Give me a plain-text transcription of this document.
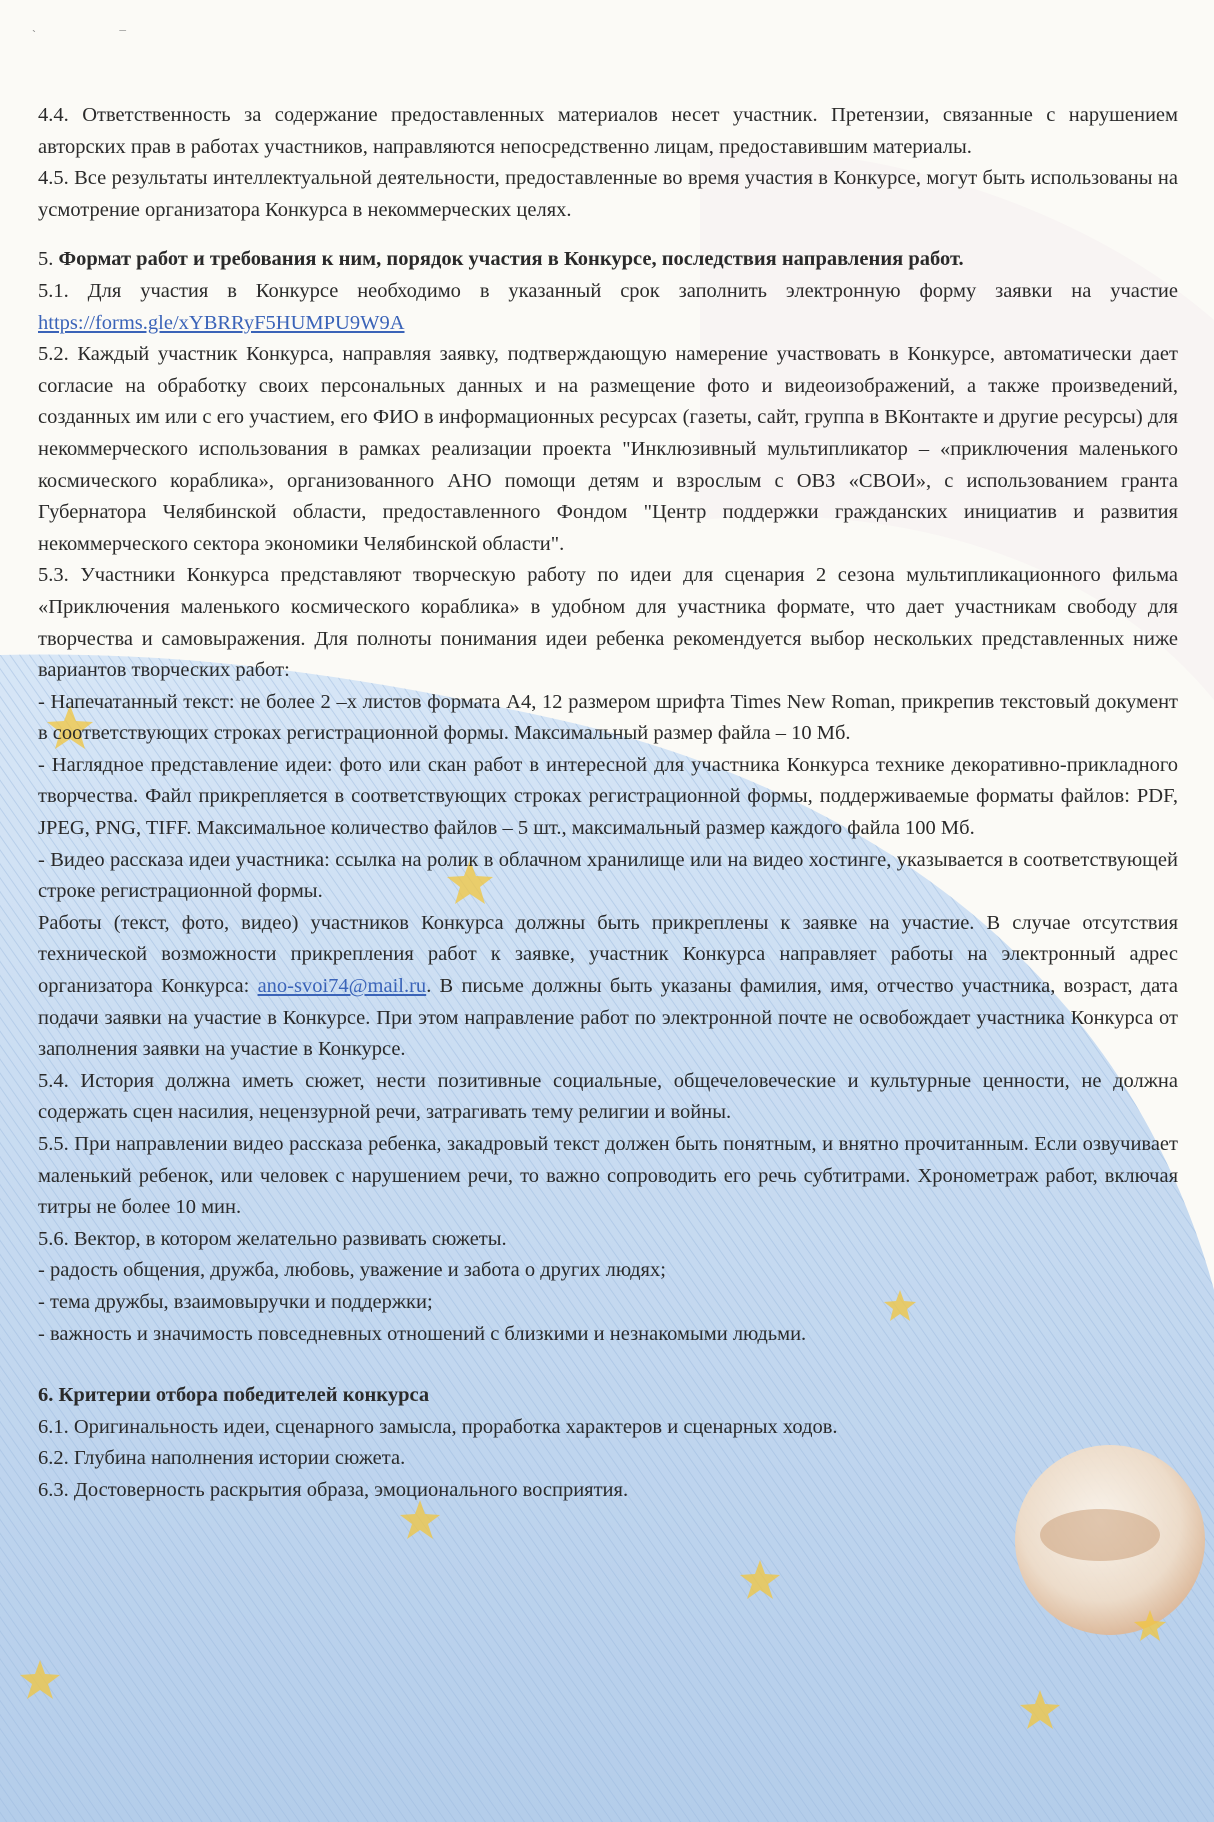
` ¯

4.4. Ответственность за содержание предоставленных материалов несет участник. Претензии, связанные с нарушением авторских прав в работах участников, направляются непосредственно лицам, предоставившим материалы.

4.5. Все результаты интеллектуальной деятельности, предоставленные во время участия в Конкурсе, могут быть использованы на усмотрение организатора Конкурса в некоммерческих целях.

5. Формат работ и требования к ним, порядок участия в Конкурсе, последствия направления работ.

5.1. Для участия в Конкурсе необходимо в указанный срок заполнить электронную форму заявки на участие https://forms.gle/xYBRRyF5HUMPU9W9A

5.2. Каждый участник Конкурса, направляя заявку, подтверждающую намерение участвовать в Конкурсе, автоматически дает согласие на обработку своих персональных данных и на размещение фото и видеоизображений, а также произведений, созданных им или с его участием, его ФИО в информационных ресурсах (газеты, сайт, группа в ВКонтакте и другие ресурсы) для некоммерческого использования в рамках реализации проекта "Инклюзивный мультипликатор – «приключения маленького космического кораблика», организованного АНО помощи детям и взрослым с ОВЗ «СВОИ», с использованием гранта Губернатора Челябинской области, предоставленного Фондом "Центр поддержки гражданских инициатив и развития некоммерческого сектора экономики Челябинской области".

5.3. Участники Конкурса представляют творческую работу по идеи для сценария 2 сезона мультипликационного фильма «Приключения маленького космического кораблика» в удобном для участника формате, что дает участникам свободу для творчества и самовыражения. Для полноты понимания идеи ребенка рекомендуется выбор нескольких представленных ниже вариантов творческих работ:

- Напечатанный текст: не более 2 –х листов формата А4, 12 размером шрифта Times New Roman, прикрепив текстовый документ в соответствующих строках регистрационной формы. Максимальный размер файла – 10 Мб.

- Наглядное представление идеи: фото или скан работ в интересной для участника Конкурса технике декоративно-прикладного творчества. Файл прикрепляется в соответствующих строках регистрационной формы, поддерживаемые форматы файлов: PDF, JPEG, PNG, TIFF. Максимальное количество файлов – 5 шт., максимальный размер каждого файла 100 Мб.

- Видео рассказа идеи участника: ссылка на ролик в облачном хранилище или на видео хостинге, указывается в соответствующей строке регистрационной формы.

Работы (текст, фото, видео) участников Конкурса должны быть прикреплены к заявке на участие. В случае отсутствия технической возможности прикрепления работ к заявке, участник Конкурса направляет работы на электронный адрес организатора Конкурса: ano-svoi74@mail.ru. В письме должны быть указаны фамилия, имя, отчество участника, возраст, дата подачи заявки на участие в Конкурсе. При этом направление работ по электронной почте не освобождает участника Конкурса от заполнения заявки на участие в Конкурсе.

5.4. История должна иметь сюжет, нести позитивные социальные, общечеловеческие и культурные ценности, не должна содержать сцен насилия, нецензурной речи, затрагивать тему религии и войны.

5.5. При направлении видео рассказа ребенка, закадровый текст должен быть понятным, и внятно прочитанным. Если озвучивает маленький ребенок, или человек с нарушением речи, то важно сопроводить его речь субтитрами. Хронометраж работ, включая титры не более 10 мин.

5.6. Вектор, в котором желательно развивать сюжеты.

- радость общения, дружба, любовь, уважение и забота о других людях;

- тема дружбы, взаимовыручки и поддержки;

- важность и значимость повседневных отношений с близкими и незнакомыми людьми.

6. Критерии отбора победителей конкурса

6.1. Оригинальность идеи, сценарного замысла, проработка характеров и сценарных ходов.

6.2. Глубина наполнения истории сюжета.

6.3. Достоверность раскрытия образа, эмоционального восприятия.
